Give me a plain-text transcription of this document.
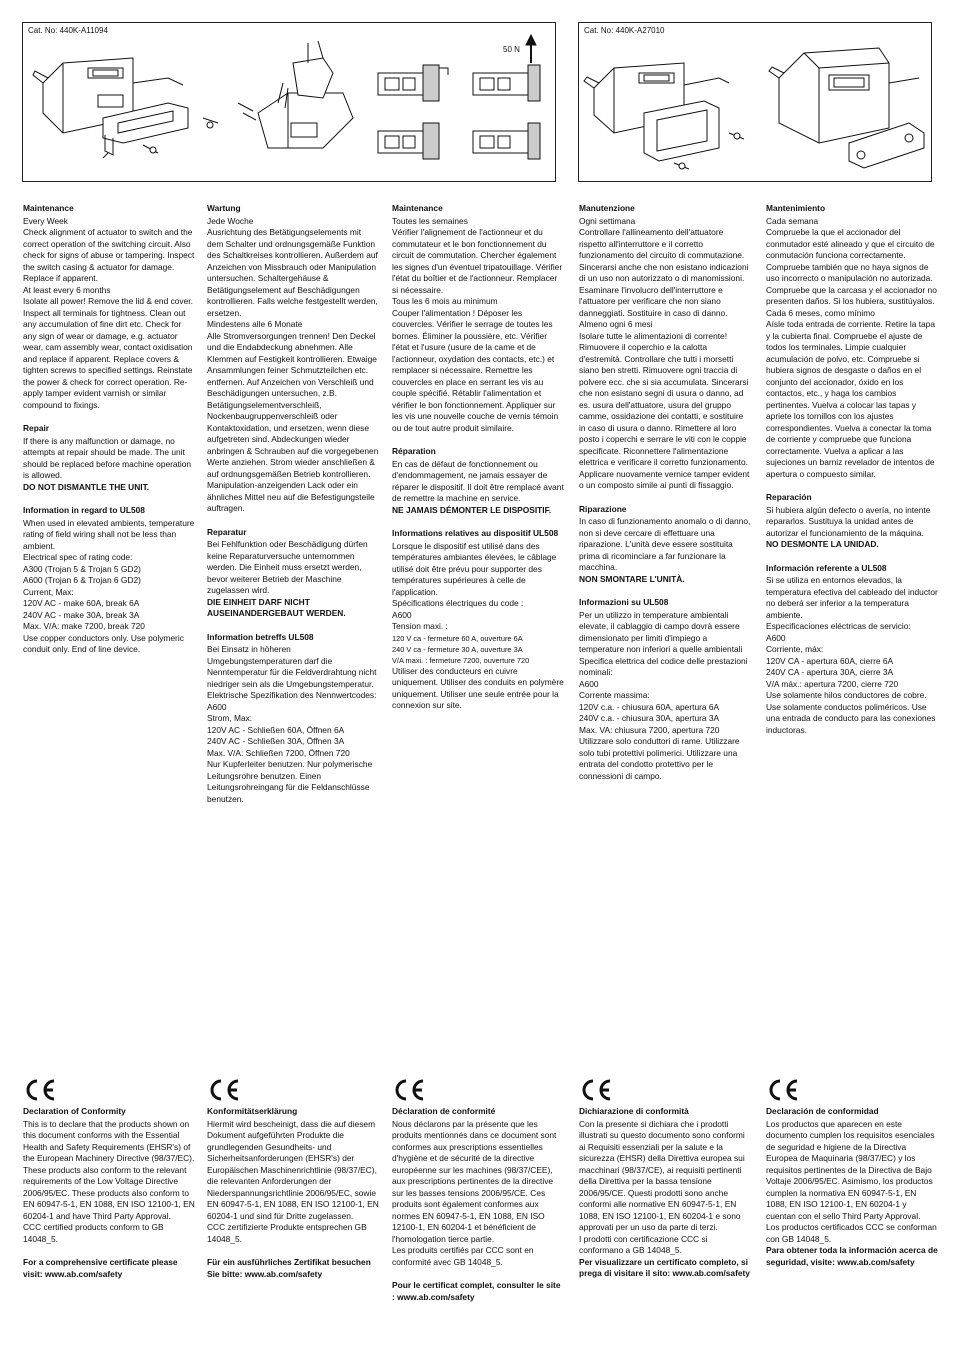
Cat. No: 440K-A11094
50 N
Cat. No: 440K-A27010
Maintenance
Every Week
Check alignment of actuator to switch and the correct operation of the switching circuit. Also check for signs of abuse or tampering. Inspect the switch casing & actuator for damage. Replace if apparent.
At least every 6 months
Isolate all power! Remove the lid & end cover. Inspect all terminals for tightness. Clean out any accumulation of fine dirt etc. Check for any sign of wear or damage, e.g. actuator wear, cam assembly wear, contact oxidisation and replace if apparent. Replace covers & tighten screws to specified settings. Reinstate the power & check for correct operation. Re-apply tamper evident varnish or similar compound to fixings.
Repair
If there is any malfunction or damage, no attempts at repair should be made. The unit should be replaced before machine operation is allowed.
DO NOT DISMANTLE THE UNIT.
Information in regard to UL508
When used in elevated ambients, temperature rating of field wiring shall not be less than ambient.
Electrical spec of rating code:
A300 (Trojan 5 & Trojan 5 GD2)
A600 (Trojan 6 & Trojan 6 GD2)
Current, Max:
120V AC - make 60A, break 6A
240V AC - make 30A, break 3A
Max. V/A: make 7200, break 720
Use copper conductors only. Use polymeric conduit only. End of line device.
Wartung
Jede Woche
Ausrichtung des Betätigungselements mit dem Schalter und ordnungsgemäße Funktion des Schaltkreises kontrollieren. Außerdem auf Anzeichen von Missbrauch oder Manipulation untersuchen. Schaltergehäuse & Betätigungselement auf Beschädigungen kontrollieren. Falls welche festgestellt werden, ersetzen.
Mindestens alle 6 Monate
Alle Stromversorgungen trennen! Den Deckel und die Endabdeckung abnehmen. Alle Klemmen auf Festigkeit kontrollieren. Etwaige Ansammlungen feiner Schmutzteilchen etc. entfernen. Auf Anzeichen von Verschleiß und Beschädigungen untersuchen, z.B. Betätigungselementverschleiß, Nockenbaugruppenverschleiß oder Kontaktoxidation, und ersetzen, wenn diese aufgetreten sind. Abdeckungen wieder anbringen & Schrauben auf die vorgegebenen Werte anziehen. Strom wieder anschließen & auf ordnungsgemäßen Betrieb kontrollieren. Manipulation-anzeigenden Lack oder ein ähnliches Mittel neu auf die Befestigungsteile auftragen.
Reparatur
Bei Fehlfunktion oder Beschädigung dürfen keine Reparaturversuche unternommen werden. Die Einheit muss ersetzt werden, bevor weiterer Betrieb der Maschine zugelassen wird.
DIE EINHEIT DARF NICHT AUSEINANDERGEBAUT WERDEN.
Information betreffs UL508
Bei Einsatz in höheren Umgebungstemperaturen darf die Nenntemperatur für die Feldverdrahtung nicht niedriger sein als die Umgebungstemperatur.
Elektrische Spezifikation des Nennwertcodes:
A600
Strom, Max:
120V AC - Schließen 60A, Öffnen 6A
240V AC - Schließen 30A, Öffnen 3A
Max. V/A: Schließen 7200, Öffnen 720
Nur Kupferleiter benutzen. Nur polymerische Leitungsrohre benutzen. Einen Leitungsrohreingang für die Feldanschlüsse benutzen.
Maintenance
Toutes les semaines
Vérifier l'alignement de l'actionneur et du commutateur et le bon fonctionnement du circuit de commutation. Chercher également les signes d'un éventuel tripatouillage. Vérifier l'état du boîtier et de l'actionneur. Remplacer si nécessaire.
Tous les 6 mois au minimum
Couper l'alimentation ! Déposer les couvercles. Vérifier le serrage de toutes les bornes. Éliminer la poussière, etc. Vérifier l'état et l'usure (usure de la came et de l'actionneur, oxydation des contacts, etc.) et remplacer si nécessaire. Remettre les couvercles en place en serrant les vis au couple spécifié. Rétablir l'alimentation et vérifier le bon fonctionnement. Appliquer sur les vis une nouvelle couche de vernis témoin ou de tout autre produit similaire.
Réparation
En cas de défaut de fonctionnement ou d'endommagement, ne jamais essayer de réparer le dispositif. Il doit être remplacé avant de remettre la machine en service.
NE JAMAIS DÉMONTER LE DISPOSITIF.
Informations relatives au dispositif UL508
Lorsque le dispositif est utilisé dans des températures ambiantes élevées, le câblage utilisé doit être prévu pour supporter des températures supérieures à celle de l'application.
Spécifications électriques du code :
A600
Tension maxi. :
120 V ca - fermeture 60 A, ouverture 6A
240 V ca - fermeture 30 A, ouverture 3A
V/A maxi. : fermeture 7200, ouverture 720
Utiliser des conducteurs en cuivre uniquement. Utiliser des conduits en polymère uniquement. Utiliser une seule entrée pour la connexion sur site.
Manutenzione
Ogni settimana
Controllare l'allineamento dell'attuatore rispetto all'interruttore e il corretto funzionamento del circuito di commutazione. Sincerarsi anche che non esistano indicazioni di un uso non autorizzato o di manomissioni. Esaminare l'involucro dell'interruttore e l'attuatore per verificare che non siano danneggiati. Sostituire in caso di danno.
Almeno ogni 6 mesi
Isolare tutte le alimentazioni di corrente! Rimuovere il coperchio e la calotta d'estremità. Controllare che tutti i morsetti siano ben stretti. Rimuovere ogni traccia di polvere ecc. che si sia accumulata. Sincerarsi che non esistano segni di usura o danno, ad es. usura dell'attuatore, usura del gruppo camme, ossidazione dei contatti, e sostituire in caso di usura o danno. Rimettere al loro posto i coperchi e serrare le viti con le coppie specificate. Riconnettere l'alimentazione elettrica e verificare il corretto funzionamento. Applicare nuovamente vernice tamper evident o un composto simile ai punti di fissaggio.
Riparazione
In caso di funzionamento anomalo o di danno, non si deve cercare di effettuare una riparazione. L'unità deve essere sostituita prima di ricominciare a far funzionare la macchina.
NON SMONTARE L'UNITÀ.
Informazioni su UL508
Per un utilizzo in temperature ambientali elevate, il cablaggio di campo dovrà essere dimensionato per limiti d'impiego a temperature non inferiori a quelle ambientali
Specifica elettrica del codice delle prestazioni nominali:
A600
Corrente massima:
120V c.a. - chiusura 60A, apertura 6A
240V c.a. - chiusura 30A, apertura 3A
Max. VA: chiusura 7200, apertura 720
Utilizzare solo conduttori di rame. Utilizzare solo tubi protettivi polimerici. Utilizzare una entrata del condotto protettivo per le connessioni di campo.
Mantenimiento
Cada semana
Compruebe la que el accionador del conmutador esté alineado y que el circuito de conmutación funciona correctamente. Compruebe también que no haya signos de uso incorrecto o manipulación no autorizada. Compruebe que la carcasa y el accionador no presenten daños. Si los hubiera, sustitúyalos.
Cada 6 meses, como mínimo
Aísle toda entrada de corriente. Retire la tapa y la cubierta final. Compruebe el ajuste de todos los terminales. Limpie cualquier acumulación de polvo, etc. Compruebe si hubiera signos de desgaste o daños en el conjunto del accionador, óxido en los contactos, etc., y haga los cambios pertinentes. Vuelva a colocar las tapas y apriete los tornillos con los ajustes correspondientes. Vuelva a conectar la toma de corriente y compruebe que funciona correctamente. Vuelva a aplicar a las sujeciones un barniz revelador de intentos de apertura o compuesto similar.
Reparación
Si hubiera algún defecto o avería, no intente repararlos. Sustituya la unidad antes de autorizar el funcionamiento de la máquina.
NO DESMONTE LA UNIDAD.
Información referente a UL508
Si se utiliza en entornos elevados, la temperatura efectiva del cableado del inductor no deberá ser inferior a la temperatura ambiente.
Especificaciones eléctricas de servicio:
A600
Corriente, máx:
120V CA - apertura 60A, cierre 6A
240V CA - apertura 30A, cierre 3A
V/A máx.: apertura 7200, cierre 720
Use solamente hilos conductores de cobre. Use solamente conductos poliméricos. Use una entrada de conducto para las conexiones inductoras.
Declaration of Conformity
This is to declare that the products shown on this document conforms with the Essential Health and Safety Requirements (EHSR's) of the European Machinery Directive (98/37/EC). These products also conform to the relevant requirements of the Low Voltage Directive 2006/95/EC. These products also conform to EN 60947-5-1, EN 1088, EN ISO 12100-1, EN 60204-1 and have Third Party Approval.
CCC certified products conform to GB 14048_5.
For a comprehensive certificate please visit: www.ab.com/safety
Konformitätserklärung
Hiermit wird bescheinigt, dass die auf diesem Dokument aufgeführten Produkte die grundlegenden Gesundheits- und Sicherheitsanforderungen (EHSR's) der Europäischen Maschinenrichtlinie (98/37/EC), die relevanten Anforderungen der Niederspannungsrichtlinie 2006/95/EC, sowie EN 60947-5-1, EN 1088, EN ISO 12100-1, EN 60204-1 und sind für Dritte zugelassen.
CCC zertifizierte Produkte entsprechen GB 14048_5.
Für ein ausführliches Zertifikat besuchen Sie bitte: www.ab.com/safety
Déclaration de conformité
Nous déclarons par la présente que les produits mentionnés dans ce document sont conformes aux prescriptions essentielles d'hygiène et de sécurité de la directive européenne sur les machines (98/37/CEE), aux prescriptions pertinentes de la directive sur les basses tensions 2006/95/CE. Ces produits sont également conformes aux normes EN 60947-5-1, EN 1088, EN ISO 12100-1, EN 60204-1 et bénéficient de l'homologation tierce partie.
Les produits certifiés par CCC sont en conformité avec GB 14048_5.
Pour le certificat complet, consulter le site : www.ab.com/safety
Dichiarazione di conformità
Con la presente si dichiara che i prodotti illustrati su questo documento sono conformi ai Requisiti essenziali per la salute e la sicurezza (EHSR) della Direttiva europea sui macchinari (98/37/CE), ai requisiti pertinenti della Direttiva per la bassa tensione 2006/95/CE. Questi prodotti sono anche conformi alle normative EN 60947-5-1, EN 1088, EN ISO 12100-1, EN 60204-1 e sono approvati per un uso da parte di terzi.
I prodotti con certificazione CCC si conformano a GB 14048_5.
Per visualizzare un certificato completo, si prega di visitare il sito: www.ab.com/safety
Declaración de conformidad
Los productos que aparecen en este documento cumplen los requisitos esenciales de seguridad e higiene de la Directiva Europea de Maquinaria (98/37/EC) y los requisitos pertinentes de la Directiva de Bajo Voltaje 2006/95/EC. Asimismo, los productos cumplen la normativa EN 60947-5-1, EN 1088, EN ISO 12100-1, EN 60204-1 y cuentan con el sello Third Party Approval.
Los productos certificados CCC se conforman con GB 14048_5.
Para obtener toda la información acerca de seguridad, visite: www.ab.com/safety
